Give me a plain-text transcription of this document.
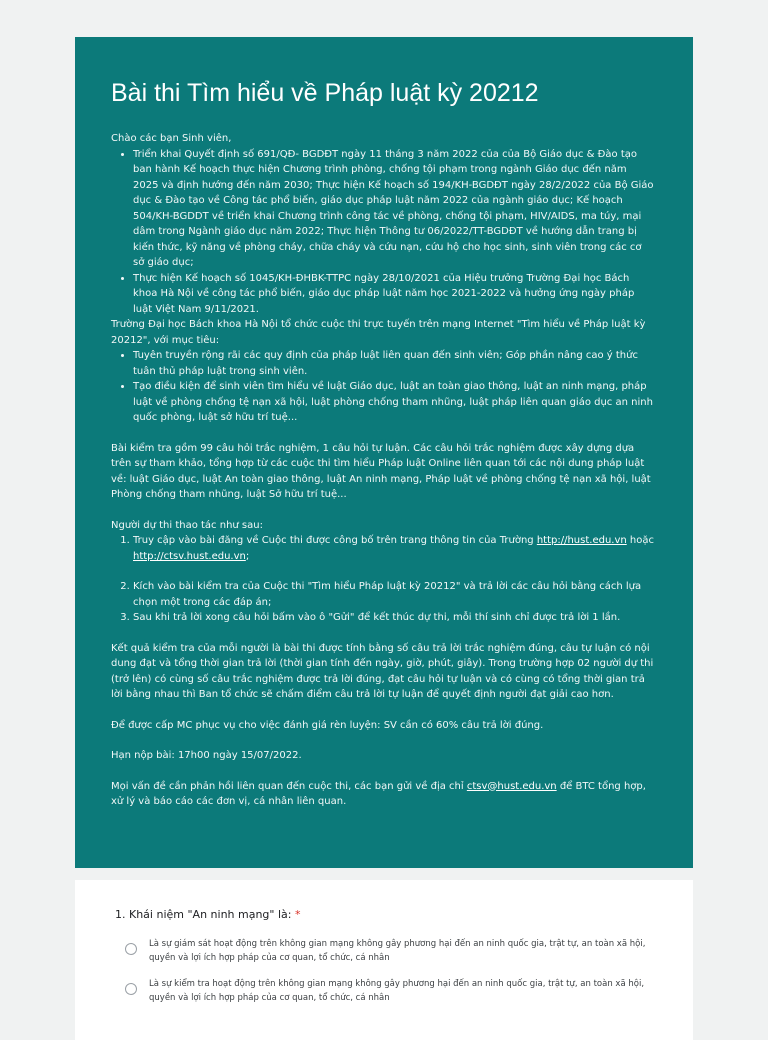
Bài thi Tìm hiểu về Pháp luật kỳ 20212

Chào các bạn Sinh viên,

• Triển khai Quyết định số 691/QĐ- BGDĐT ngày 11 tháng 3 năm 2022 của của Bộ Giáo dục & Đào tạo ban hành Kế hoạch thực hiện Chương trình phòng, chống tội phạm trong ngành Giáo dục đến năm 2025 và định hướng đến năm 2030; Thực hiện Kế hoạch số 194/KH-BGDĐT ngày 28/2/2022 của Bộ Giáo dục & Đào tạo về Công tác phổ biến, giáo dục pháp luật năm 2022 của ngành giáo dục; Kế hoạch 504/KH-BGDDT về triển khai Chương trình công tác về phòng, chống tội phạm, HIV/AIDS, ma túy, mại dâm trong Ngành giáo dục năm 2022; Thực hiện Thông tư 06/2022/TT-BGDĐT về hướng dẫn trang bị kiến thức, kỹ năng về phòng cháy, chữa cháy và cứu nạn, cứu hộ cho học sinh, sinh viên trong các cơ sở giáo dục;
• Thực hiện Kế hoạch số 1045/KH-ĐHBK-TTPC ngày 28/10/2021 của Hiệu trưởng Trường Đại học Bách khoa Hà Nội về công tác phổ biến, giáo dục pháp luật năm học 2021-2022 và hưởng ứng ngày pháp luật Việt Nam 9/11/2021.

Trường Đại học Bách khoa Hà Nội tổ chức cuộc thi trực tuyến trên mạng Internet "Tìm hiểu về Pháp luật kỳ 20212", với mục tiêu:

• Tuyên truyền rộng rãi các quy định của pháp luật liên quan đến sinh viên; Góp phần nâng cao ý thức tuân thủ pháp luật trong sinh viên.
• Tạo điều kiện để sinh viên tìm hiểu về luật Giáo dục, luật an toàn giao thông, luật an ninh mạng, pháp luật về phòng chống tệ nạn xã hội, luật phòng chống tham nhũng, luật pháp liên quan giáo dục an ninh quốc phòng, luật sở hữu trí tuệ...

Bài kiểm tra gồm 99 câu hỏi trắc nghiệm, 1 câu hỏi tự luận. Các câu hỏi trắc nghiệm được xây dựng dựa trên sự tham khảo, tổng hợp từ các cuộc thi tìm hiểu Pháp luật Online liên quan tới các nội dung pháp luật về: luật Giáo dục, luật An toàn giao thông, luật An ninh mạng, Pháp luật về phòng chống tệ nạn xã hội, luật Phòng chống tham nhũng, luật Sở hữu trí tuệ...

Người dự thi thao tác như sau:

1. Truy cập vào bài đăng về Cuộc thi được công bố trên trang thông tin của Trường http://hust.edu.vn hoặc http://ctsv.hust.edu.vn;
2. Kích vào bài kiểm tra của Cuộc thi "Tìm hiểu Pháp luật kỳ 20212" và trả lời các câu hỏi bằng cách lựa chọn một trong các đáp án;
3. Sau khi trả lời xong câu hỏi bấm vào ô "Gửi" để kết thúc dự thi, mỗi thí sinh chỉ được trả lời 1 lần.

Kết quả kiểm tra của mỗi người là bài thi được tính bằng số câu trả lời trắc nghiệm đúng, câu tự luận có nội dung đạt và tổng thời gian trả lời (thời gian tính đến ngày, giờ, phút, giây). Trong trường hợp 02 người dự thi (trở lên) có cùng số câu trắc nghiệm được trả lời đúng, đạt câu hỏi tự luận và có cùng có tổng thời gian trả lời bằng nhau thì Ban tổ chức sẽ chấm điểm câu trả lời tự luận để quyết định người đạt giải cao hơn.

Để được cấp MC phục vụ cho việc đánh giá rèn luyện: SV cần có 60% câu trả lời đúng.

Hạn nộp bài: 17h00 ngày 15/07/2022.

Mọi vấn đề cần phản hồi liên quan đến cuộc thi, các bạn gửi về địa chỉ ctsv@hust.edu.vn để BTC tổng hợp, xử lý và báo cáo các đơn vị, cá nhân liên quan.

1. Khái niệm "An ninh mạng" là: *
Là sự giám sát hoạt động trên không gian mạng không gây phương hại đến an ninh quốc gia, trật tự, an toàn xã hội, quyền và lợi ích hợp pháp của cơ quan, tổ chức, cá nhân
Là sự kiểm tra hoạt động trên không gian mạng không gây phương hại đến an ninh quốc gia, trật tự, an toàn xã hội, quyền và lợi ích hợp pháp của cơ quan, tổ chức, cá nhân
